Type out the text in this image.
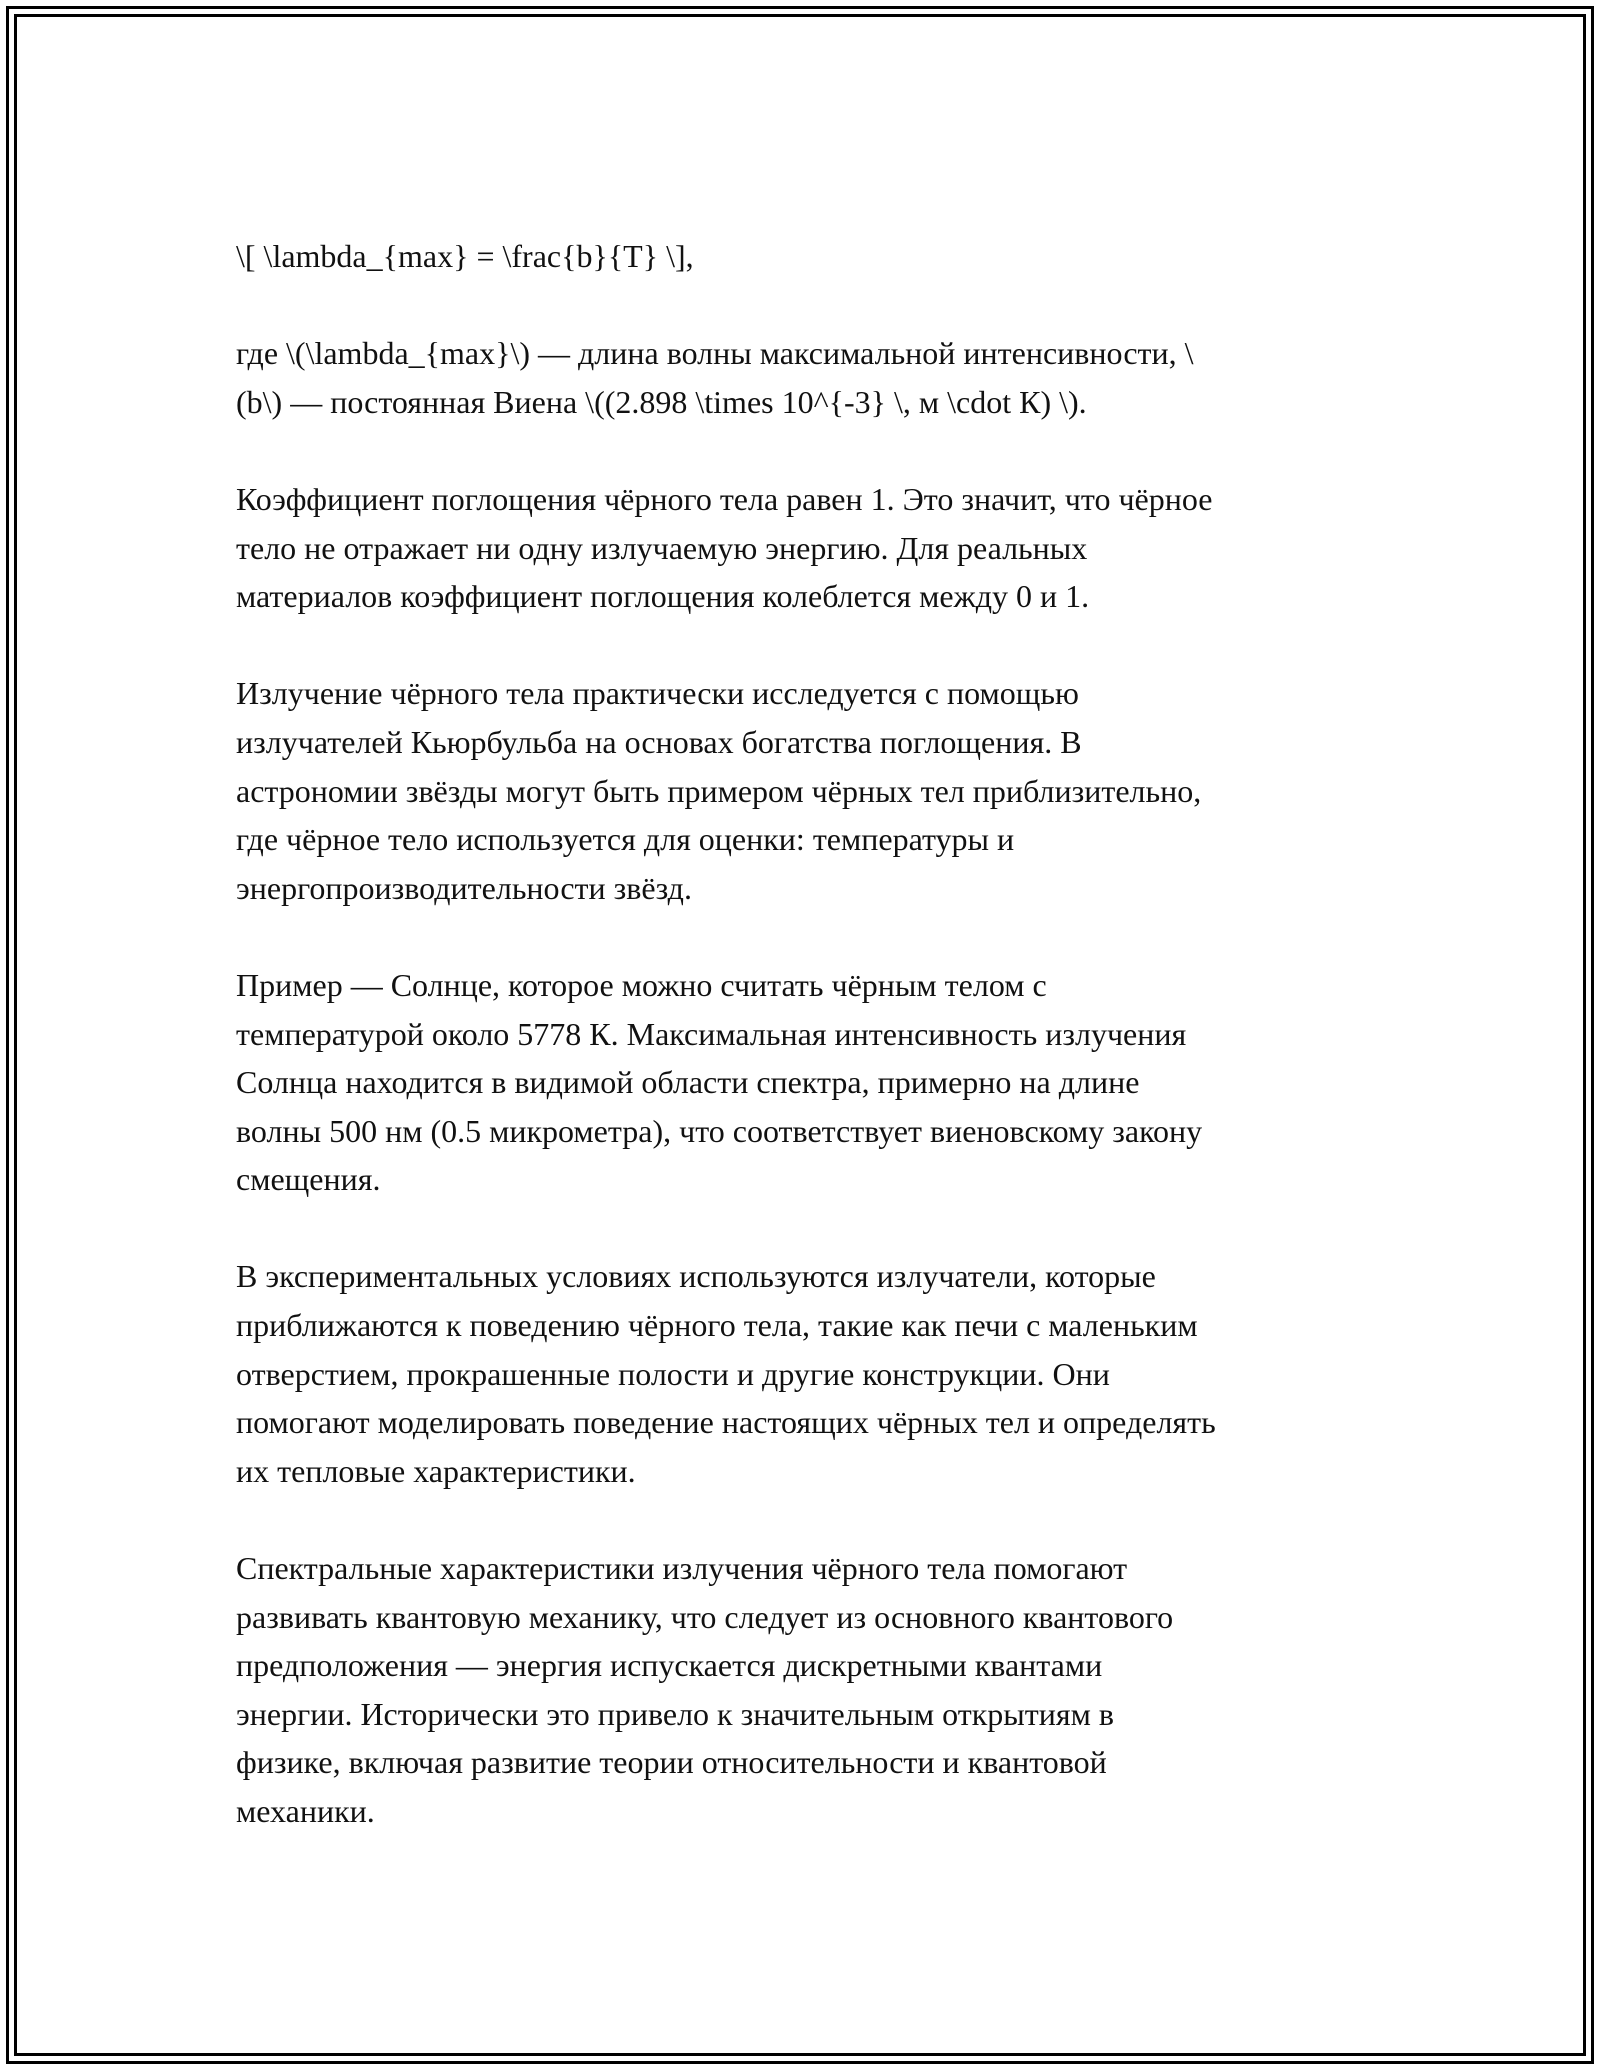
\[ \lambda_{max} = \frac{b}{T} \],

где \(\lambda_{max}\) — длина волны максимальной интенсивности, \
(b\) — постоянная Виена \((2.898 \times 10^{-3} \, м \cdot К) \).

Коэффициент поглощения чёрного тела равен 1. Это значит, что чёрное
тело не отражает ни одну излучаемую энергию. Для реальных
материалов коэффициент поглощения колеблется между 0 и 1.

Излучение чёрного тела практически исследуется с помощью
излучателей Кьюрбульба на основах богатства поглощения. В
астрономии звёзды могут быть примером чёрных тел приблизительно,
где чёрное тело используется для оценки: температуры и
энергопроизводительности звёзд.

Пример — Солнце, которое можно считать чёрным телом с
температурой около 5778 К. Максимальная интенсивность излучения
Солнца находится в видимой области спектра, примерно на длине
волны 500 нм (0.5 микрометра), что соответствует виеновскому закону
смещения.

В экспериментальных условиях используются излучатели, которые
приближаются к поведению чёрного тела, такие как печи с маленьким
отверстием, прокрашенные полости и другие конструкции. Они
помогают моделировать поведение настоящих чёрных тел и определять
их тепловые характеристики.

Спектральные характеристики излучения чёрного тела помогают
развивать квантовую механику, что следует из основного квантового
предположения — энергия испускается дискретными квантами
энергии. Исторически это привело к значительным открытиям в
физике, включая развитие теории относительности и квантовой
механики.
